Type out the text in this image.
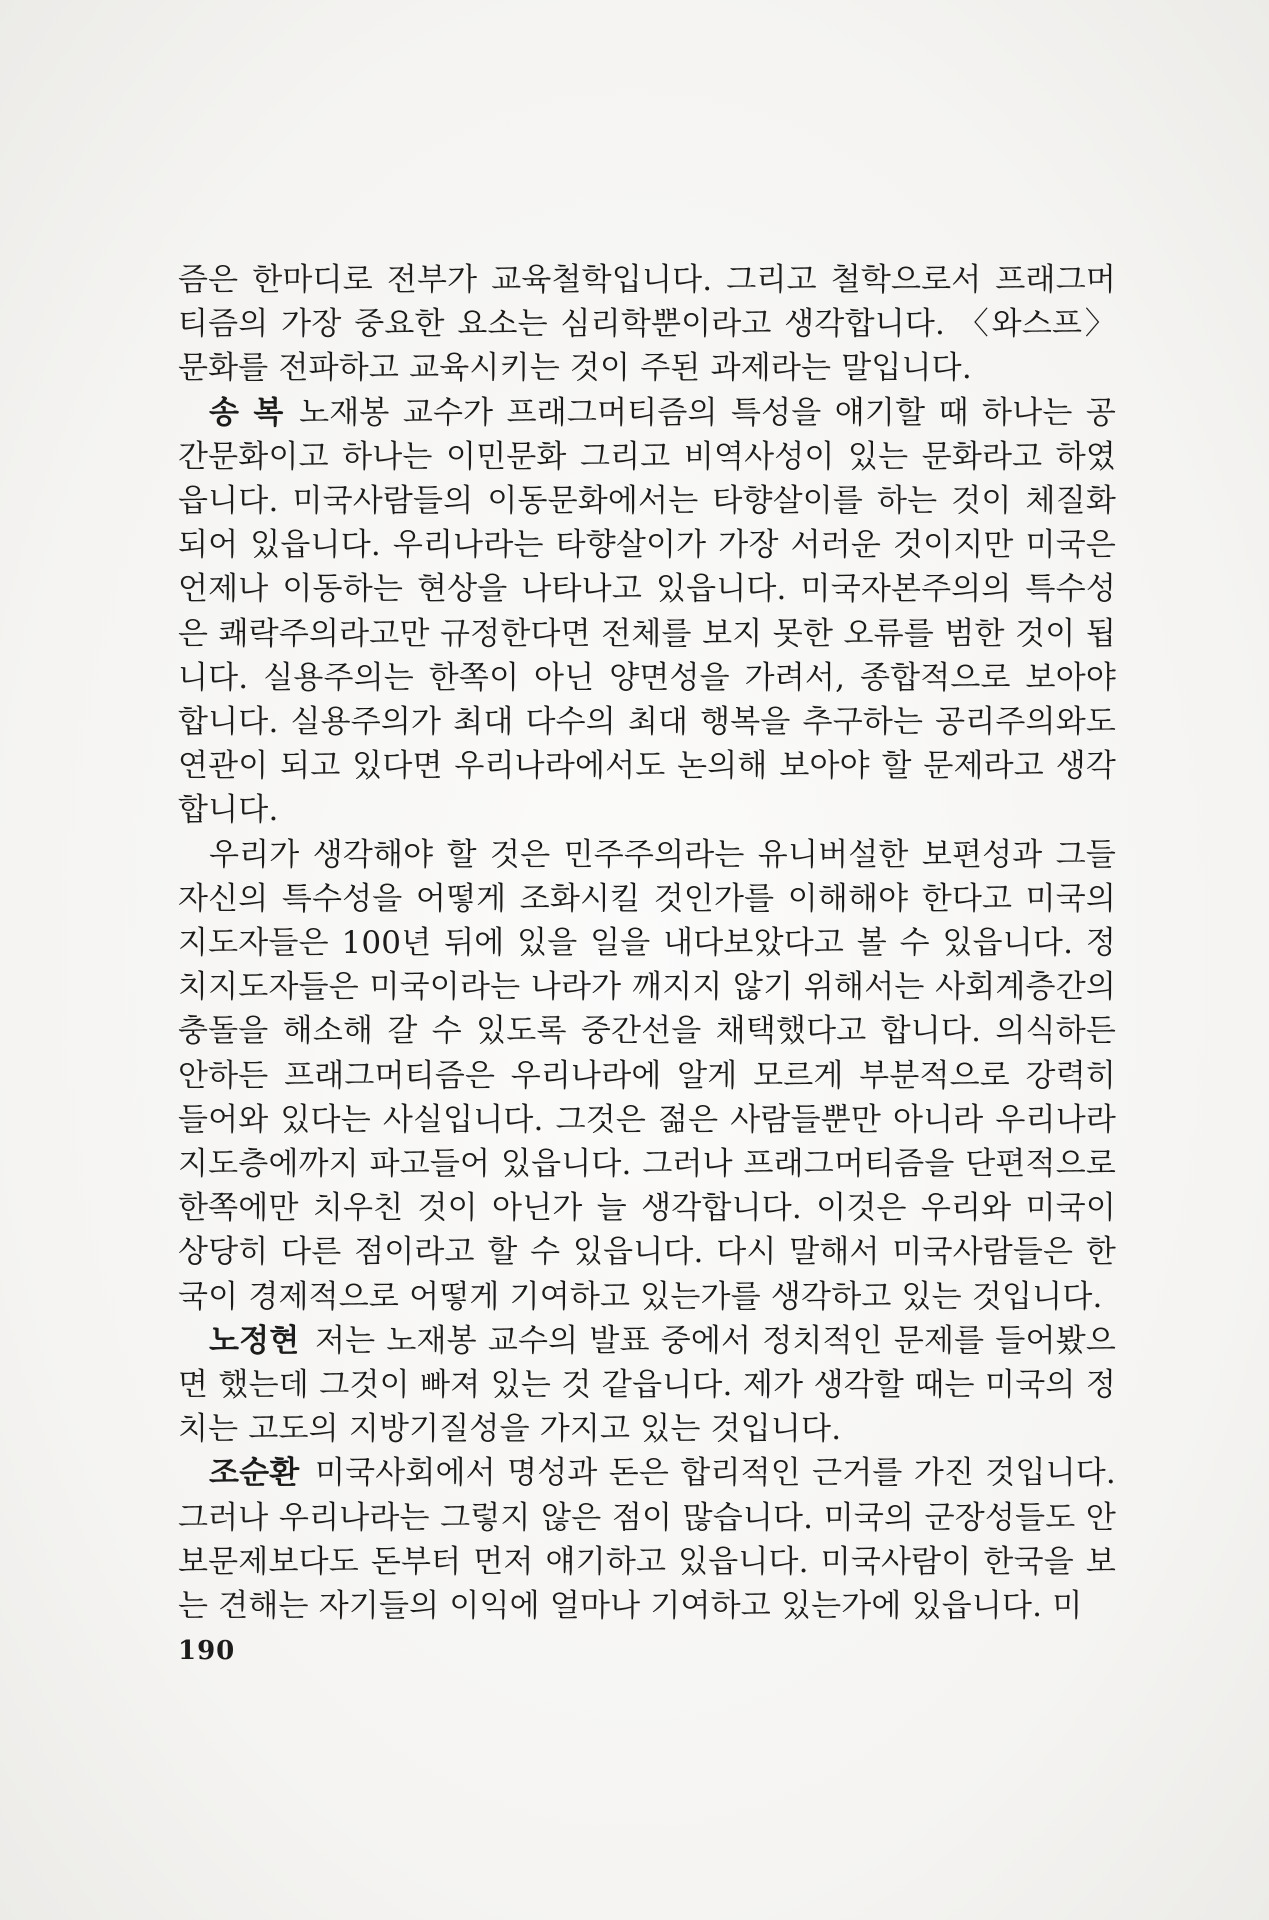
즘은 한마디로 전부가 교육철학입니다. 그리고 철학으로서 프래그머티즘의 가장 중요한 요소는 심리학뿐이라고 생각합니다. 〈와스프〉문화를 전파하고 교육시키는 것이 주된 과제라는 말입니다.

송 복 노재봉 교수가 프래그머티즘의 특성을 얘기할 때 하나는 공간문화이고 하나는 이민문화 그리고 비역사성이 있는 문화라고 하였읍니다. 미국사람들의 이동문화에서는 타향살이를 하는 것이 체질화되어 있읍니다. 우리나라는 타향살이가 가장 서러운 것이지만 미국은 언제나 이동하는 현상을 나타나고 있읍니다. 미국자본주의의 특수성은 쾌락주의라고만 규정한다면 전체를 보지 못한 오류를 범한 것이 됩니다. 실용주의는 한쪽이 아닌 양면성을 가려서, 종합적으로 보아야 합니다. 실용주의가 최대 다수의 최대 행복을 추구하는 공리주의와도 연관이 되고 있다면 우리나라에서도 논의해 보아야 할 문제라고 생각합니다.

우리가 생각해야 할 것은 민주주의라는 유니버설한 보편성과 그들 자신의 특수성을 어떻게 조화시킬 것인가를 이해해야 한다고 미국의 지도자들은 100년 뒤에 있을 일을 내다보았다고 볼 수 있읍니다. 정치지도자들은 미국이라는 나라가 깨지지 않기 위해서는 사회계층간의 충돌을 해소해 갈 수 있도록 중간선을 채택했다고 합니다. 의식하든 안하든 프래그머티즘은 우리나라에 알게 모르게 부분적으로 강력히 들어와 있다는 사실입니다. 그것은 젊은 사람들뿐만 아니라 우리나라 지도층에까지 파고들어 있읍니다. 그러나 프래그머티즘을 단편적으로 한쪽에만 치우친 것이 아닌가 늘 생각합니다. 이것은 우리와 미국이 상당히 다른 점이라고 할 수 있읍니다. 다시 말해서 미국사람들은 한국이 경제적으로 어떻게 기여하고 있는가를 생각하고 있는 것입니다.

노정현 저는 노재봉 교수의 발표 중에서 정치적인 문제를 들어봤으면 했는데 그것이 빠져 있는 것 같읍니다. 제가 생각할 때는 미국의 정치는 고도의 지방기질성을 가지고 있는 것입니다.

조순환 미국사회에서 명성과 돈은 합리적인 근거를 가진 것입니다. 그러나 우리나라는 그렇지 않은 점이 많습니다. 미국의 군장성들도 안보문제보다도 돈부터 먼저 얘기하고 있읍니다. 미국사람이 한국을 보는 견해는 자기들의 이익에 얼마나 기여하고 있는가에 있읍니다. 미

190
